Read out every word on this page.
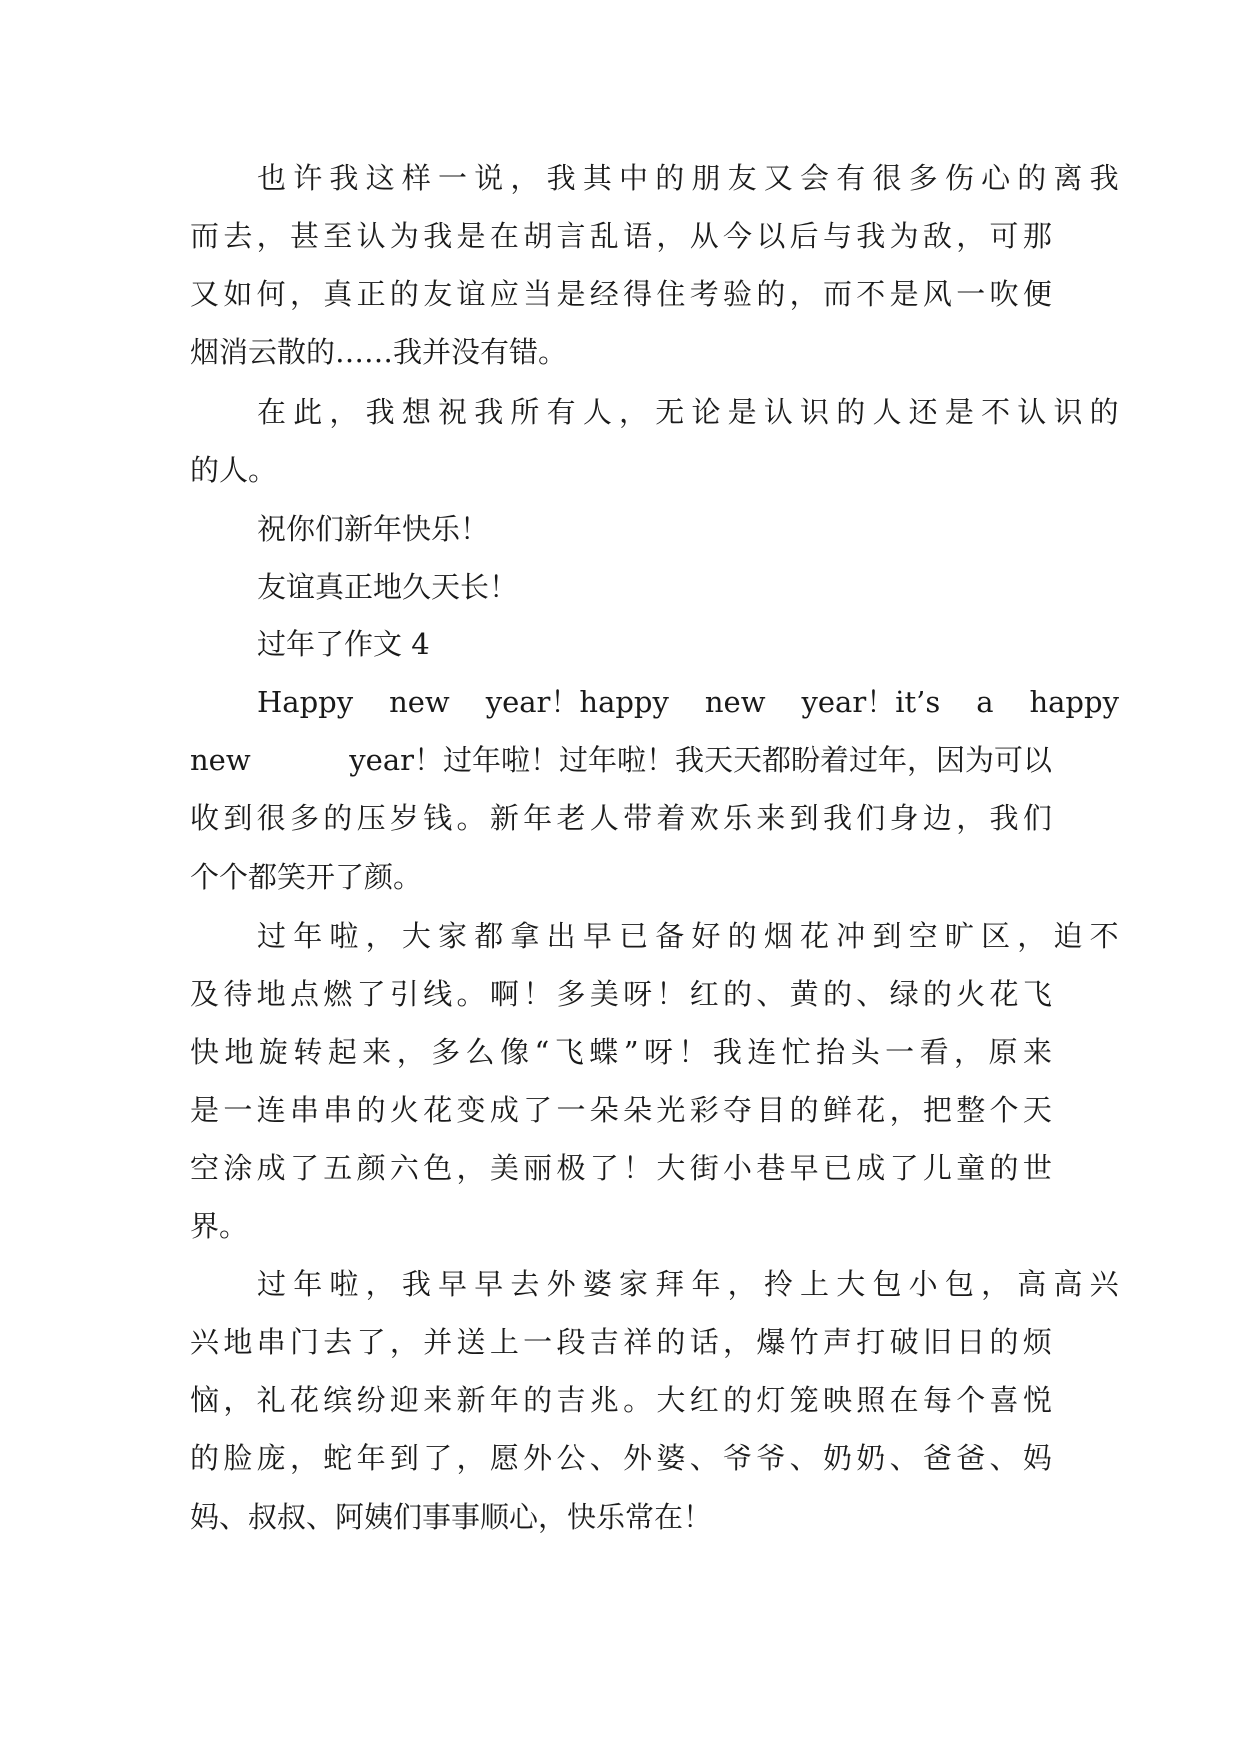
也 许 我 这 样 一 说 ， 我 其 中 的 朋 友 又 会 有 很 多 伤 心 的 离 我
而 去 ， 甚 至 认 为 我 是 在 胡 言 乱 语 ， 从 今 以 后 与 我 为 敌 ， 可 那
又 如 何 ， 真 正 的 友 谊 应 当 是 经 得 住 考 验 的 ， 而 不 是 风 一 吹 便
烟消云散的……我并没有错。
在 此 ， 我 想 祝 我 所 有 人 ， 无 论 是 认 识 的 人 还 是 不 认 识 的
的人。
祝你们新年快乐！
友谊真正地久天长！
过年了作文 4
Happy new year！happy new year！it’s a happy
new	year！过年啦！过年啦！我天天都盼着过年，因为可以
收 到 很 多 的 压 岁 钱 。 新 年 老 人 带 着 欢 乐 来 到 我 们 身 边 ， 我 们
个个都笑开了颜。
过 年 啦 ， 大 家 都 拿 出 早 已 备 好 的 烟 花 冲 到 空 旷 区 ， 迫 不
及 待 地 点 燃 了 引 线 。 啊 ！ 多 美 呀 ！ 红 的 、 黄 的 、 绿 的 火 花 飞
快 地 旋 转 起 来 ， 多 么 像 “ 飞 蝶 ” 呀 ！ 我 连 忙 抬 头 一 看 ， 原 来
是 一 连 串 串 的 火 花 变 成 了 一 朵 朵 光 彩 夺 目 的 鲜 花 ， 把 整 个 天
空 涂 成 了 五 颜 六 色 ， 美 丽 极 了 ！ 大 街 小 巷 早 已 成 了 儿 童 的 世
界。
过 年 啦 ， 我 早 早 去 外 婆 家 拜 年 ， 拎 上 大 包 小 包 ， 高 高 兴
兴 地 串 门 去 了 ， 并 送 上 一 段 吉 祥 的 话 ， 爆 竹 声 打 破 旧 日 的 烦
恼 ， 礼 花 缤 纷 迎 来 新 年 的 吉 兆 。 大 红 的 灯 笼 映 照 在 每 个 喜 悦
的 脸 庞 ， 蛇 年 到 了 ， 愿 外 公 、 外 婆 、 爷 爷 、 奶 奶 、 爸 爸 、 妈
妈、叔叔、阿姨们事事顺心，快乐常在！
